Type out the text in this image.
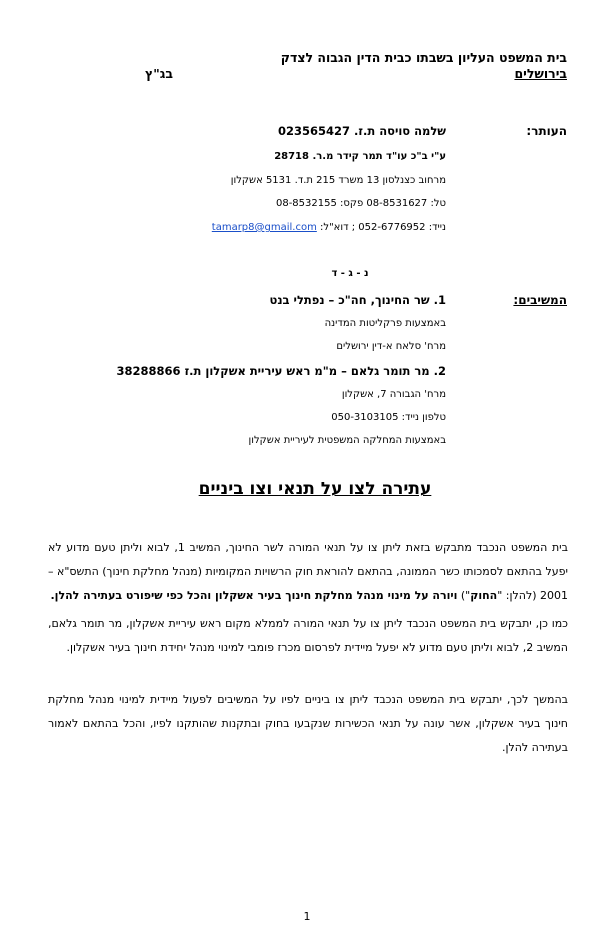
בית המשפט העליון בשבתו כבית הדין הגבוה לצדק
בירושלים
בג"ץ
העותר:
שלמה סויסה ת.ז. 023565427
ע"י ב"כ עו"ד תמר קידר מ.ר. 28718
מרחוב כצנלסון 13 משרד 215 ת.ד. 5131 אשקלון
טל: 08-8531627 פקס: 08-8532155
נייד: 052-6776952 ; דוא"ל: tamarp8@gmail.com
נ - ג - ד
המשיבים:
1. שר החינוך, חה"כ – נפתלי בנט
באמצעות פרקליטות המדינה
מרח' סלאח א-דין ירושלים
2. מר תומר גלאם – מ"מ ראש עיריית אשקלון ת.ז 38288866
מרח' הגבורה 7, אשקלון
טלפון נייד: 050-3103105
באמצעות המחלקה המשפטית לעיריית אשקלון
עתירה לצו על תנאי וצו ביניים
בית המשפט הנכבד מתבקש בזאת ליתן צו על תנאי המורה לשר החינוך, המשיב 1, לבוא וליתן טעם מדוע לא יפעל בהתאם לסמכותו כשר הממונה, בהתאם להוראת חוק הרשויות המקומיות (מנהל מחלקת חינוך) התשס"א – 2001 (להלן: "החוק") ויורה על מינוי מנהל מחלקת חינוך בעיר אשקלון והכל כפי שיפורט בעתירה להלן.
כמו כן, יתבקש בית המשפט הנכבד ליתן צו על תנאי המורה לממלא מקום ראש עיריית אשקלון, מר תומר גלאם, המשיב 2, לבוא וליתן טעם מדוע לא יפעל מיידית לפרסום מכרז פומבי למינוי מנהל יחידת חינוך בעיר אשקלון.
בהמשך לכך, יתבקש בית המשפט הנכבד ליתן צו ביניים לפיו על המשיבים לפעול מיידית למינוי מנהל מחלקת חינוך בעיר אשקלון, אשר עונה על תנאי הכשירות שנקבעו בחוק ובתקנות שהותקנו לפיו, והכל בהתאם לאמור בעתירה להלן.
1
